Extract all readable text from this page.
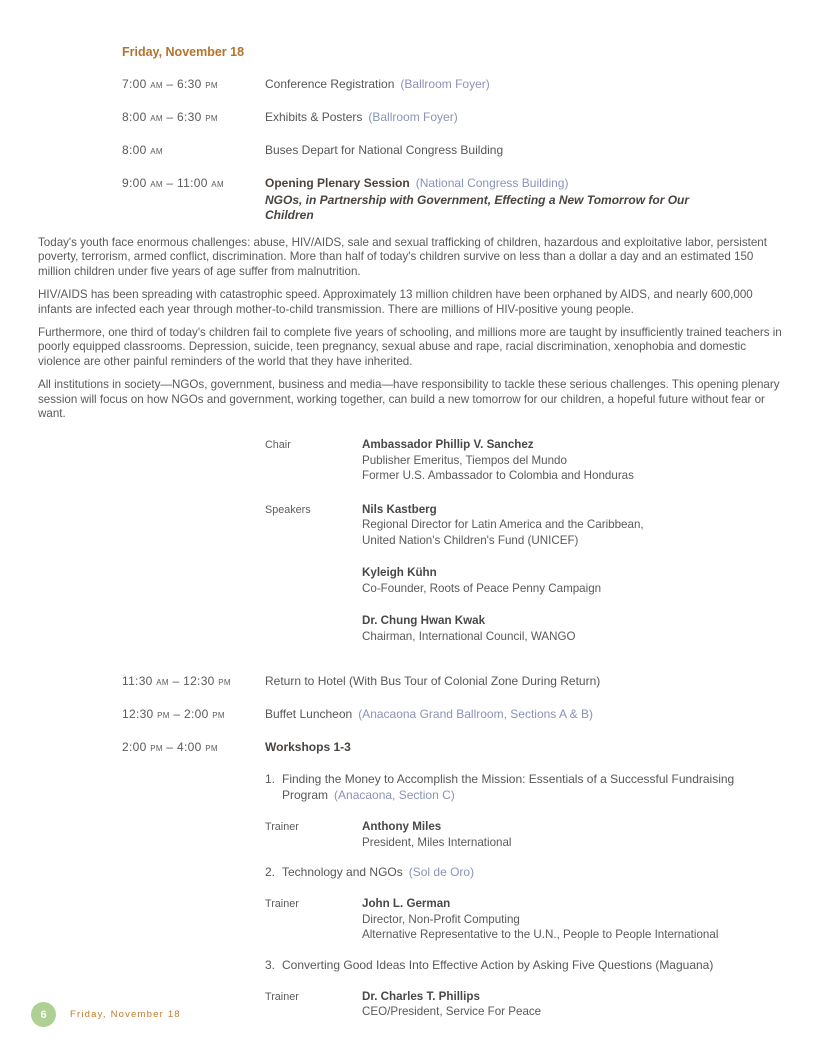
Friday, November 18
7:00 am – 6:30 pm	Conference Registration (Ballroom Foyer)
8:00 am – 6:30 pm	Exhibits & Posters (Ballroom Foyer)
8:00 am	Buses Depart for National Congress Building
9:00 am – 11:00 am	Opening Plenary Session (National Congress Building)
NGOs, in Partnership with Government, Effecting a New Tomorrow for Our Children

Today's youth face enormous challenges: abuse, HIV/AIDS, sale and sexual trafficking of children, hazardous and exploitative labor, persistent poverty, terrorism, armed conflict, discrimination. More than half of today's children survive on less than a dollar a day and an estimated 150 million children under five years of age suffer from malnutrition.

HIV/AIDS has been spreading with catastrophic speed. Approximately 13 million children have been orphaned by AIDS, and nearly 600,000 infants are infected each year through mother-to-child transmission. There are millions of HIV-positive young people.

Furthermore, one third of today's children fail to complete five years of schooling, and millions more are taught by insufficiently trained teachers in poorly equipped classrooms. Depression, suicide, teen pregnancy, sexual abuse and rape, racial discrimination, xenophobia and domestic violence are other painful reminders of the world that they have inherited.

All institutions in society—NGOs, government, business and media—have responsibility to tackle these serious challenges. This opening plenary session will focus on how NGOs and government, working together, can build a new tomorrow for our children, a hopeful future without fear or want.

Chair	Ambassador Phillip V. Sanchez
Publisher Emeritus, Tiempos del Mundo
Former U.S. Ambassador to Colombia and Honduras
Speakers	Nils Kastberg
Regional Director for Latin America and the Caribbean,
United Nation's Children's Fund (UNICEF)
Kyleigh Kühn
Co-Founder, Roots of Peace Penny Campaign
Dr. Chung Hwan Kwak
Chairman, International Council, WANGO
11:30 am – 12:30 pm	Return to Hotel (With Bus Tour of Colonial Zone During Return)
12:30 pm – 2:00 pm	Buffet Luncheon (Anacaona Grand Ballroom, Sections A & B)
2:00 pm – 4:00 pm	Workshops 1-3
1. Finding the Money to Accomplish the Mission: Essentials of a Successful Fundraising Program (Anacaona, Section C)
Trainer	Anthony Miles
President, Miles International
2. Technology and NGOs (Sol de Oro)
Trainer	John L. German
Director, Non-Profit Computing
Alternative Representative to the U.N., People to People International
3. Converting Good Ideas Into Effective Action by Asking Five Questions (Maguana)
Trainer	Dr. Charles T. Phillips
CEO/President, Service For Peace
6	Friday, November 18
